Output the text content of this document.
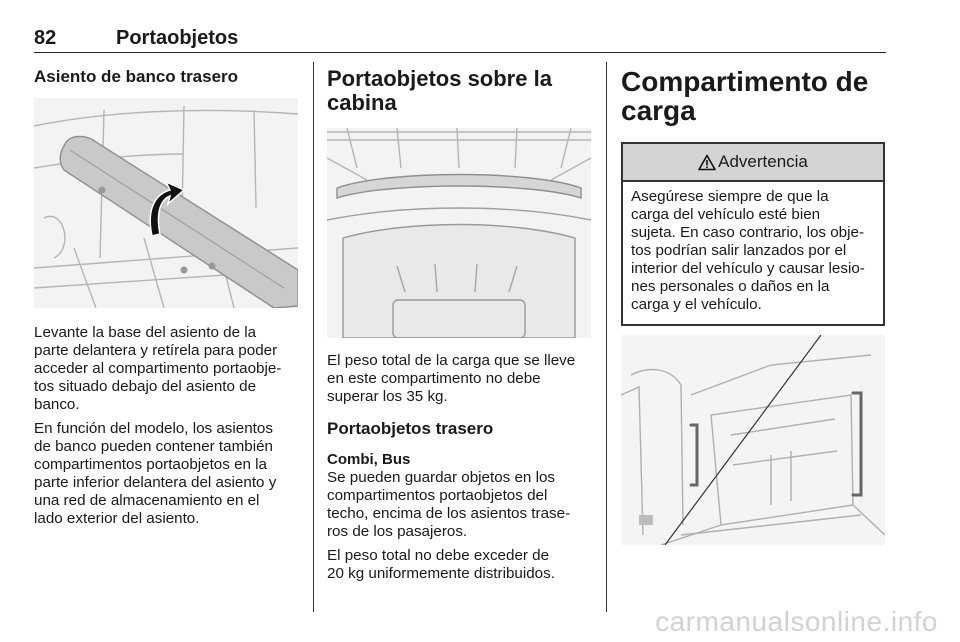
82	Portaobjetos
Asiento de banco trasero

Levante la base del asiento de la
parte delantera y retírela para poder
acceder al compartimento portaobje-
tos situado debajo del asiento de
banco.

En función del modelo, los asientos
de banco pueden contener también
compartimentos portaobjetos en la
parte inferior delantera del asiento y
una red de almacenamiento en el
lado exterior del asiento.

Portaobjetos sobre la
cabina

El peso total de la carga que se lleve
en este compartimento no debe
superar los 35 kg.

Portaobjetos trasero
Combi, Bus

Se pueden guardar objetos en los
compartimentos portaobjetos del
techo, encima de los asientos trase-
ros de los pasajeros.

El peso total no debe exceder de
20 kg uniformemente distribuidos.

Compartimento de
carga
Advertencia

Asegúrese siempre de que la
carga del vehículo esté bien
sujeta. En caso contrario, los obje-
tos podrían salir lanzados por el
interior del vehículo y causar lesio-
nes personales o daños en la
carga y el vehículo.

carmanualsonline.info
